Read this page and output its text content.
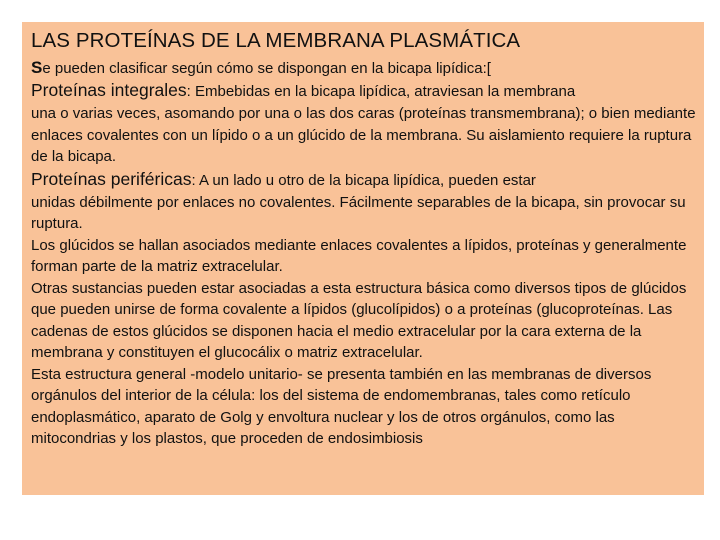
LAS PROTEÍNAS DE LA MEMBRANA PLASMÁTICA

Se pueden clasificar según cómo se dispongan en la bicapa lipídica:[

Proteínas integrales: Embebidas en la bicapa lipídica, atraviesan la membrana
una o varias veces, asomando por una o las dos caras (proteínas transmembrana); o bien mediante enlaces covalentes con un lípido o a un glúcido de la membrana. Su aislamiento requiere la ruptura de la bicapa.

Proteínas periféricas: A un lado u otro de la bicapa lipídica, pueden estar
unidas débilmente por enlaces no covalentes. Fácilmente separables de la bicapa, sin provocar su ruptura.

Los glúcidos se hallan asociados mediante enlaces covalentes a lípidos, proteínas y generalmente forman parte de la matriz extracelular.

Otras sustancias pueden estar asociadas a esta estructura básica como diversos tipos de glúcidos que pueden unirse de forma covalente a lípidos (glucolípidos) o a proteínas (glucoproteínas. Las cadenas de estos glúcidos se disponen hacia el medio extracelular por la cara externa de la membrana y constituyen el glucocálix o matriz extracelular.

Esta estructura general -modelo unitario- se presenta también en las membranas de diversos orgánulos del interior de la célula: los del sistema de endomembranas, tales como retículo endoplasmático, aparato de Golg y envoltura nuclear y los de otros orgánulos, como las mitocondrias y los plastos, que proceden de endosimbiosis
